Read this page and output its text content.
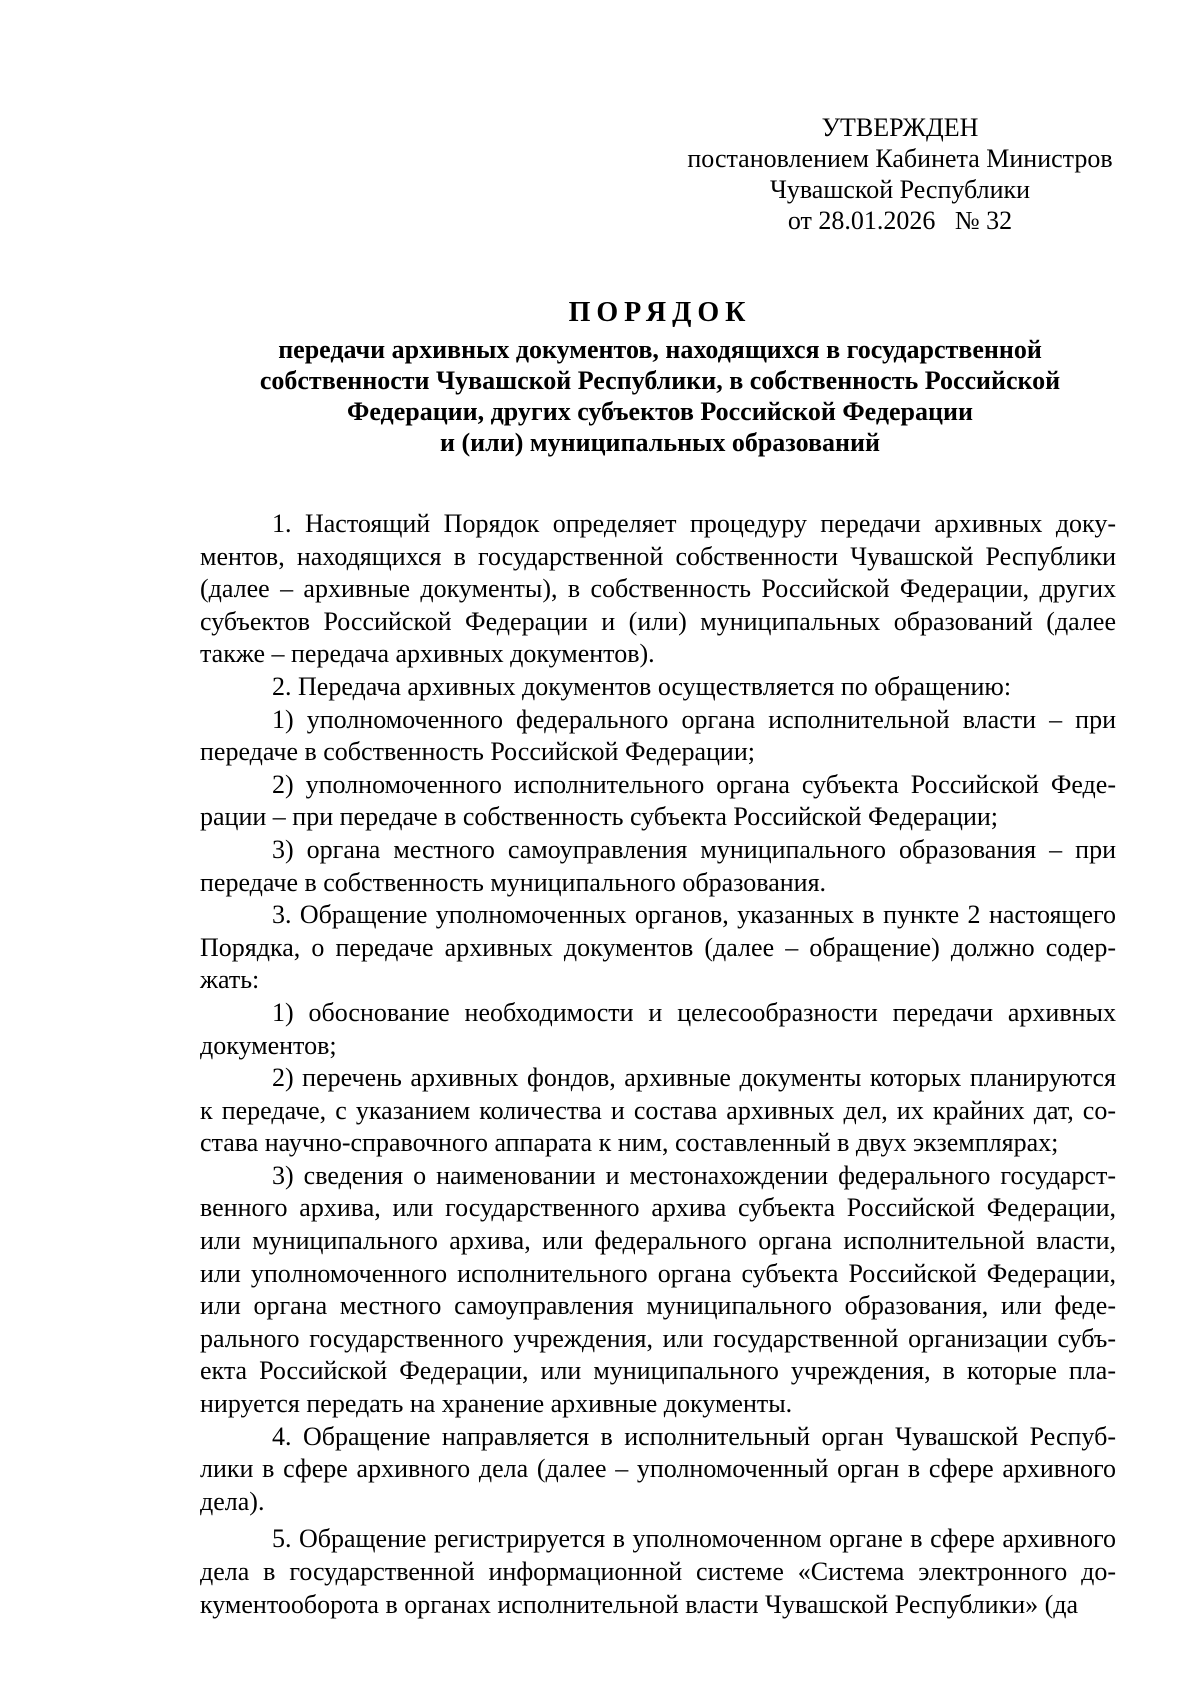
УТВЕРЖДЕН
постановлением Кабинета Министров
Чувашской Республики
от 28.01.2026   № 32
ПОРЯДОК
передачи архивных документов, находящихся в государственной
собственности Чувашской Республики, в собственность Российской
Федерации, других субъектов Российской Федерации
и (или) муниципальных образований

1. Настоящий Порядок определяет процедуру передачи архивных документов, находящихся в государственной собственности Чувашской Республики (далее – архивные документы), в собственность Российской Федерации, других субъектов Российской Федерации и (или) муниципальных образований (далее также – передача архивных документов).

2. Передача архивных документов осуществляется по обращению:

1) уполномоченного федерального органа исполнительной власти – при передаче в собственность Российской Федерации;

2) уполномоченного исполнительного органа субъекта Российской Федерации – при передаче в собственность субъекта Российской Федерации;

3) органа местного самоуправления муниципального образования – при передаче в собственность муниципального образования.

3. Обращение уполномоченных органов, указанных в пункте 2 настоящего Порядка, о передаче архивных документов (далее – обращение) должно содержать:

1) обоснование необходимости и целесообразности передачи архивных документов;

2) перечень архивных фондов, архивные документы которых планируются к передаче, с указанием количества и состава архивных дел, их крайних дат, состава научно-справочного аппарата к ним, составленный в двух экземплярах;

3) сведения о наименовании и местонахождении федерального государственного архива, или государственного архива субъекта Российской Федерации, или муниципального архива, или федерального органа исполнительной власти, или уполномоченного исполнительного органа субъекта Российской Федерации, или органа местного самоуправления муниципального образования, или федерального государственного учреждения, или государственной организации субъекта Российской Федерации, или муниципального учреждения, в которые планируется передать на хранение архивные документы.

4. Обращение направляется в исполнительный орган Чувашской Республики в сфере архивного дела (далее – уполномоченный орган в сфере архивного дела).

5. Обращение регистрируется в уполномоченном органе в сфере архивного дела в государственной информационной системе «Система электронного документооборота в органах исполнительной власти Чувашской Республики» (да
